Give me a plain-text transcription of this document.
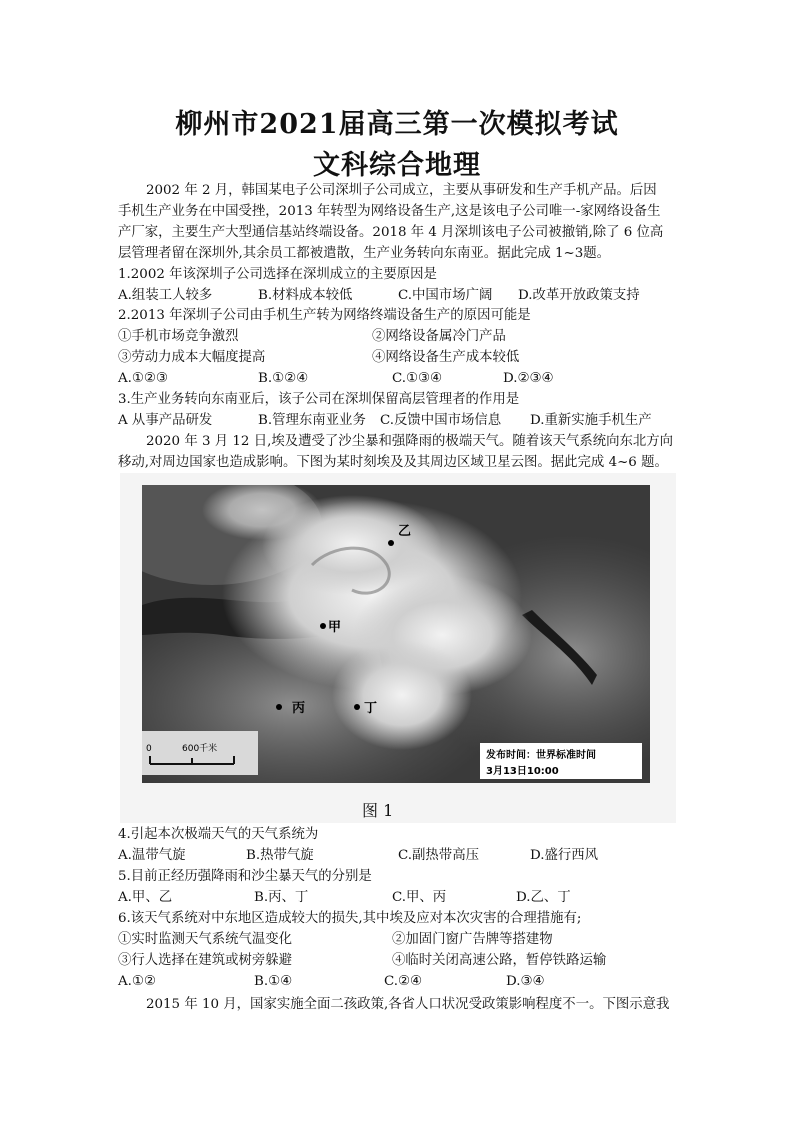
柳州市2021届高三第一次模拟考试
文科综合地理
2002 年 2 月，韩国某电子公司深圳子公司成立，主要从事研发和生产手机产品。后因
手机生产业务在中国受挫，2013 年转型为网络设备生产,这是该电子公司唯一-家网络设备生
产厂家，主要生产大型通信基站终端设备。2018 年 4 月深圳该电子公司被撤销,除了 6 位高
层管理者留在深圳外,其余员工都被遣散，生产业务转向东南亚。据此完成 1~3题。
1.2002 年该深圳子公司选择在深圳成立的主要原因是
A.组装工人较多	B.材料成本较低	C.中国市场广阔 D.改革开放政策支持
2.2013 年深圳子公司由手机生产转为网络终端设备生产的原因可能是
①手机市场竞争激烈	②网络设备属冷门产品
③劳动力成本大幅度提高	④网络设备生产成本较低
A.①②③	B.①②④	C.①③④	D.②③④
3.生产业务转向东南亚后，该子公司在深圳保留高层管理者的作用是
A 从事产品研发	B.管理东南亚业务 C.反馈中国市场信息 D.重新实施手机生产
2020 年 3 月 12 日,埃及遭受了沙尘暴和强降雨的极端天气。随着该天气系统向东北方向
移动,对周边国家也造成影响。下图为某时刻埃及及其周边区域卫星云图。据此完成 4~6 题。
乙
甲
丙	丁
0	600千米
发布时间：世界标准时间
3月13日10:00
图 1
4.引起本次极端天气的天气系统为
A.温带气旋	B.热带气旋	C.副热带高压	D.盛行西风
5.目前正经历强降雨和沙尘暴天气的分别是
A.甲、乙	B.丙、丁	C.甲、丙	D.乙、丁
6.该天气系统对中东地区造成较大的损失,其中埃及应对本次灾害的合理措施有;
①实时监测天气系统气温变化	②加固门窗广告牌等搭建物
③行人选择在建筑或树旁躲避	④临时关闭高速公路，暂停铁路运输
A.①②	B.①④	C.②④	D.③④
2015 年 10 月，国家实施全面二孩政策,各省人口状况受政策影响程度不一。下图示意我
